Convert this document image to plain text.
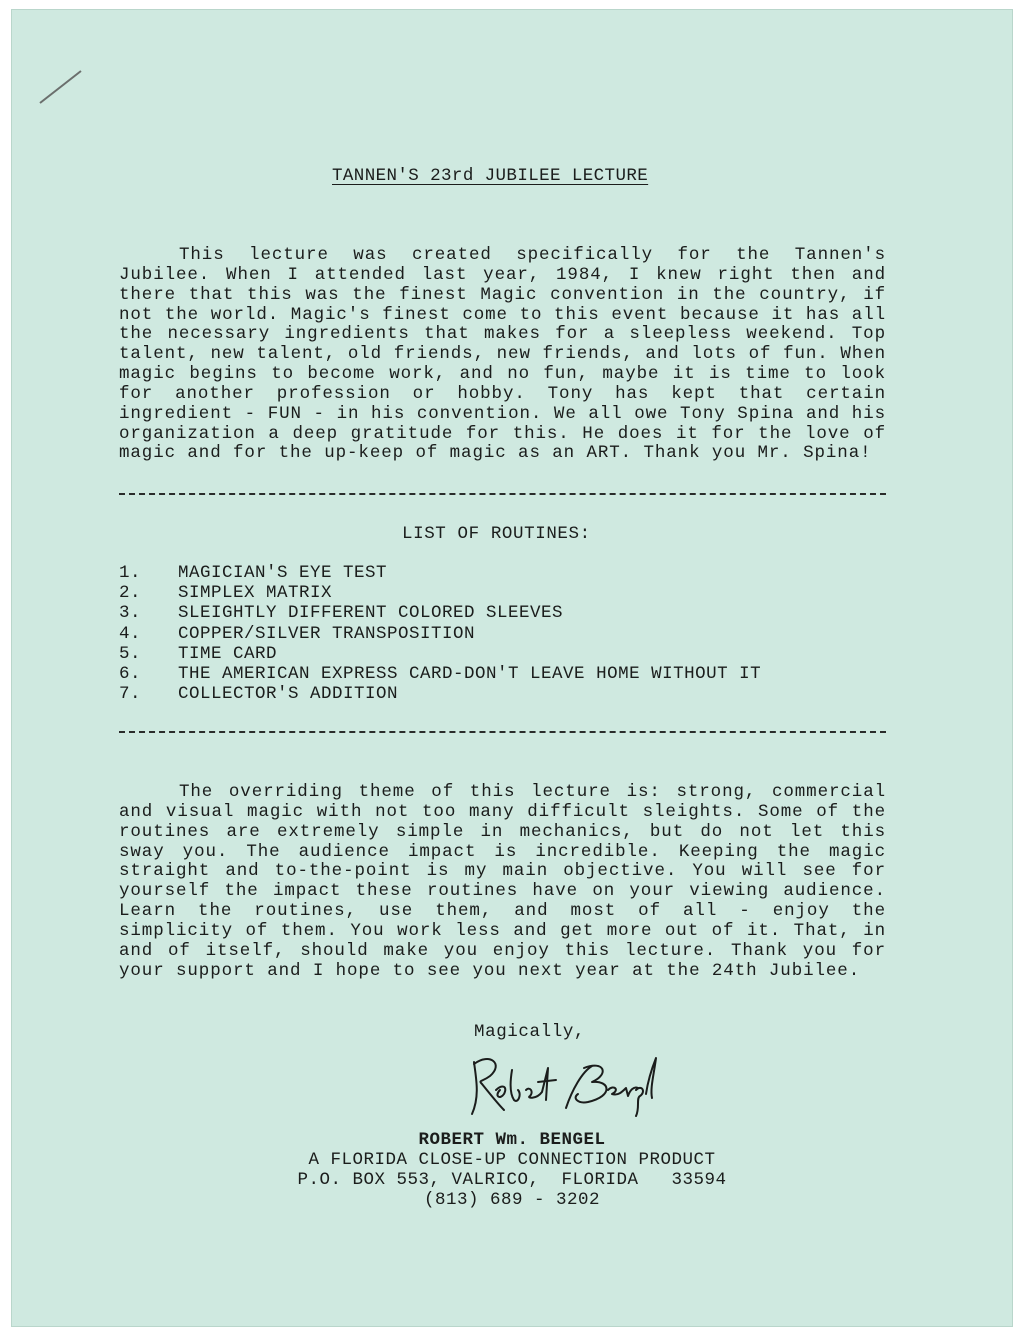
TANNEN'S 23rd JUBILEE LECTURE

This lecture was created specifically for the Tannen's Jubilee. When I attended last year, 1984, I knew right then and there that this was the finest Magic convention in the country, if not the world. Magic's finest come to this event because it has all the necessary ingredients that makes for a sleepless weekend. Top talent, new talent, old friends, new friends, and lots of fun. When magic begins to become work, and no fun, maybe it is time to look for another profession or hobby. Tony has kept that certain ingredient - FUN - in his convention. We all owe Tony Spina and his organization a deep gratitude for this. He does it for the love of magic and for the up-keep of magic as an ART. Thank you Mr. Spina!

LIST OF ROUTINES:
1.	MAGICIAN'S EYE TEST
2.	SIMPLEX MATRIX
3.	SLEIGHTLY DIFFERENT COLORED SLEEVES
4.	COPPER/SILVER TRANSPOSITION
5.	TIME CARD
6.	THE AMERICAN EXPRESS CARD-DON'T LEAVE HOME WITHOUT IT
7.	COLLECTOR'S ADDITION

The overriding theme of this lecture is: strong, commercial and visual magic with not too many difficult sleights. Some of the routines are extremely simple in mechanics, but do not let this sway you. The audience impact is incredible. Keeping the magic straight and to-the-point is my main objective. You will see for yourself the impact these routines have on your viewing audience. Learn the routines, use them, and most of all - enjoy the simplicity of them. You work less and get more out of it. That, in and of itself, should make you enjoy this lecture. Thank you for your support and I hope to see you next year at the 24th Jubilee.

Magically,
ROBERT Wm. BENGEL
A FLORIDA CLOSE-UP CONNECTION PRODUCT
P.O. BOX 553, VALRICO,  FLORIDA   33594
(813) 689 - 3202
